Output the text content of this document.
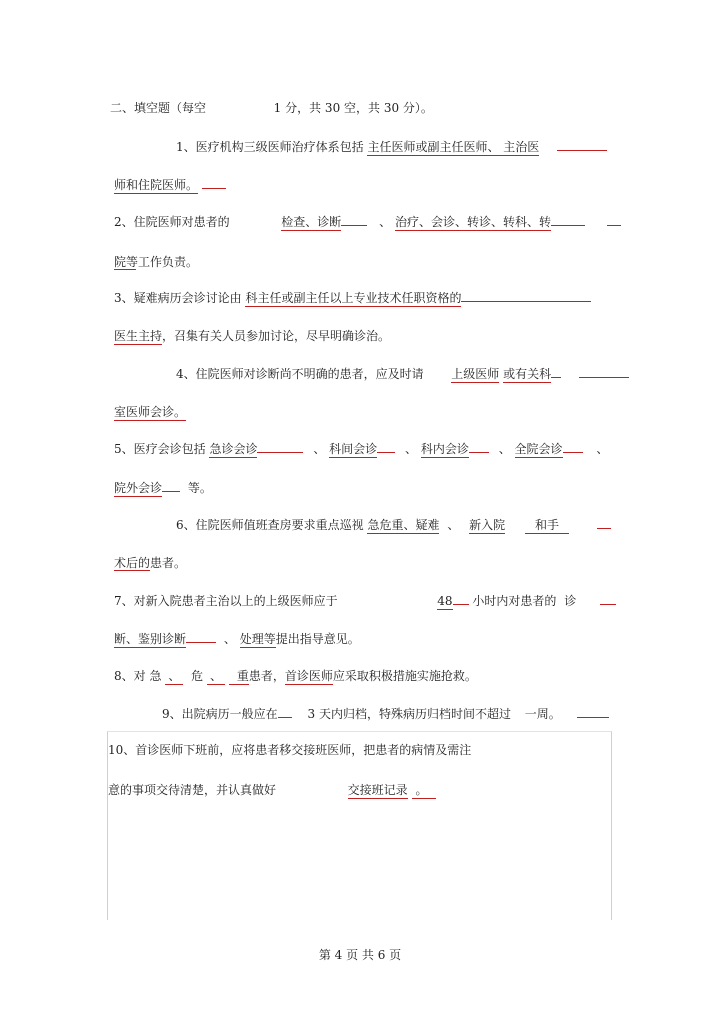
二、填空题（每空	1 分，共 30 空，共 30 分）。
1、医疗机构三级医师治疗体系包括 主任医师或副主任医师、 主治医
师和住院医师。
2、住院医师对患者的	检查、诊断	、 治疗、会诊、转诊、转科、转
院等工作负责。
3、疑难病历会诊讨论由 科主任或副主任以上专业技术任职资格的
医生主持，召集有关人员参加讨论，尽早明确诊治。
4、住院医师对诊断尚不明确的患者，应及时请 上级医师 或有关科
室医师会诊。
5、医疗会诊包括 急诊会诊	、 科间会诊 、 科内会诊 、 全院会诊	、
院外会诊 等。
6、住院医师值班查房要求重点巡视 急危重、疑难 、 新入院 和手
术后的患者。
7、对新入院患者主治以上的上级医师应于	48 小时内对患者的 诊
断、鉴别诊断	、 处理等提出指导意见。
8、对 急 、 危 、 重患者，首诊医师应采取积极措施实施抢救。
9、出院病历一般应在 3 天内归档，特殊病历归档时间不超过 一周。
10、首诊医师下班前，应将患者移交接班医师，把患者的病情及需注
意的事项交待清楚，并认真做好	交接班记录 。
第 4 页 共 6 页
